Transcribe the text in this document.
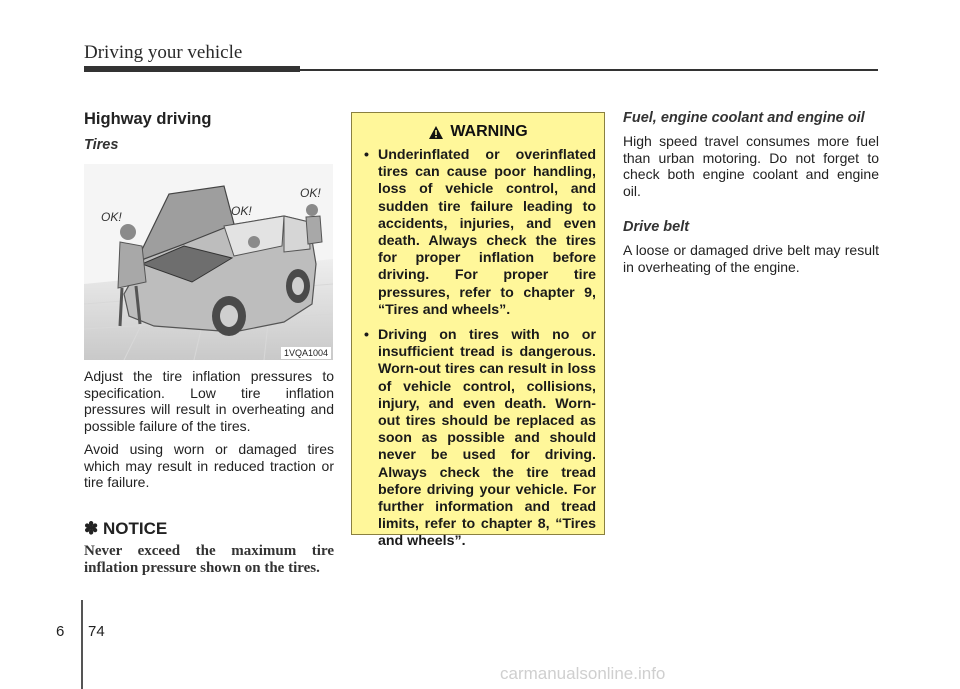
Driving your vehicle
Highway driving
Tires
OK!	OK!
OK!
1VQA1004

Adjust the tire inflation pressures to specification. Low tire inflation pressures will result in overheating and possible failure of the tires.

Avoid using worn or damaged tires which may result in reduced traction or tire failure.

✽ NOTICE

Never exceed the maximum tire inflation pressure shown on the tires.

WARNING
• Underinflated or overinflated tires can cause poor handling, loss of vehicle control, and sudden tire failure leading to accidents, injuries, and even death. Always check the tires for proper inflation before driving. For proper tire pressures, refer to chapter 9, “Tires and wheels”.
• Driving on tires with no or insufficient tread is dangerous. Worn-out tires can result in loss of vehicle control, collisions, injury, and even death. Worn-out tires should be replaced as soon as possible and should never be used for driving. Always check the tire tread before driving your vehicle. For further information and tread limits, refer to chapter 8, “Tires and wheels”.
Fuel, engine coolant and engine oil

High speed travel consumes more fuel than urban motoring. Do not forget to check both engine coolant and engine oil.

Drive belt

A loose or damaged drive belt may result in overheating of the engine.

6 74
carmanualsonline.info
